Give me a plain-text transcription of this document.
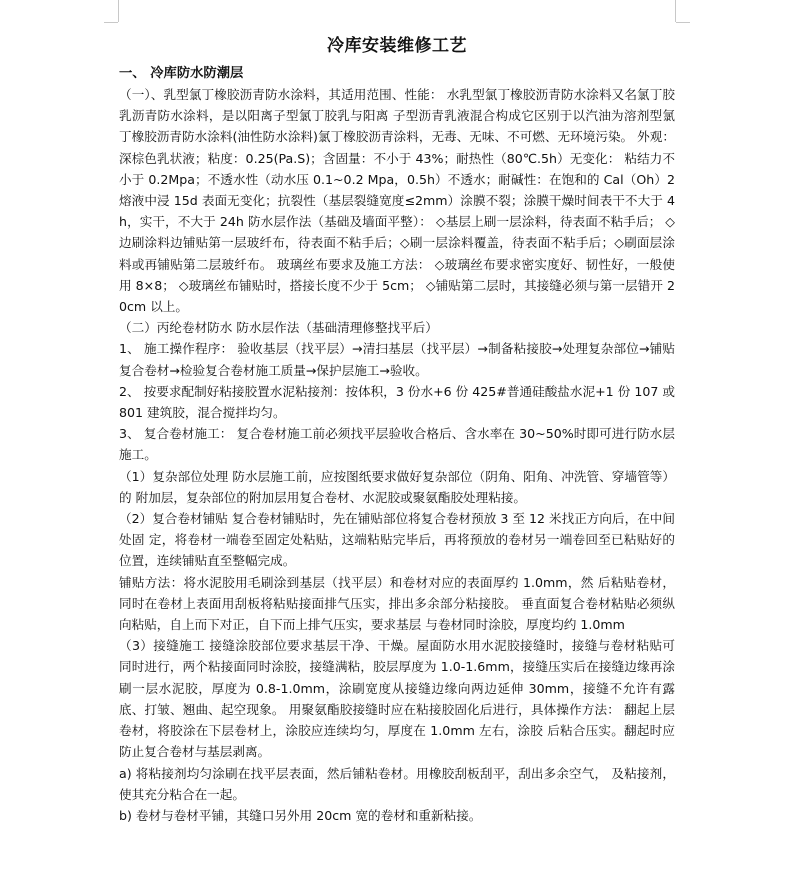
冷库安装维修工艺

一、 冷库防水防潮层

（一）、乳型氯丁橡胶沥青防水涂料，其适用范围、性能： 水乳型氯丁橡胶沥青防水涂料又名氯丁胶乳沥青防水涂料，是以阳离子型氯丁胶乳与阳离 子型沥青乳液混合构成它区别于以汽油为溶剂型氯丁橡胶沥青防水涂料(油性防水涂料)氯丁橡胶沥青涂料，无毒、无味、不可燃、无环境污染。 外观：深棕色乳状液；粘度：0.25(Pa.S)；含固量：不小于 43%；耐热性（80℃.5h）无变化： 粘结力不小于 0.2Mpa；不透水性（动水压 0.1~0.2 Mpa，0.5h）不透水；耐碱性：在饱和的 Cal（Oh）2 熔液中浸 15d 表面无变化；抗裂性（基层裂缝宽度≤2mm）涂膜不裂；涂膜干燥时间表干不大于 4h，实干，不大于 24h 防水层作法（基础及墙面平整）： ◇基层上刷一层涂料，待表面不粘手后； ◇边刷涂料边铺贴第一层玻纤布，待表面不粘手后；◇刷一层涂料覆盖，待表面不粘手后；◇刷面层涂料或再铺贴第二层玻纤布。 玻璃丝布要求及施工方法： ◇玻璃丝布要求密实度好、韧性好，一般使用 8×8； ◇玻璃丝布铺贴时，搭接长度不少于 5cm； ◇铺贴第二层时，其接缝必须与第一层错开 20cm 以上。

（二）丙纶卷材防水 防水层作法（基础清理修整找平后）

1、 施工操作程序： 验收基层（找平层）→清扫基层（找平层）→制备粘接胶→处理复杂部位→铺贴复合卷材→检验复合卷材施工质量→保护层施工→验收。

2、 按要求配制好粘接胶置水泥粘接剂：按体积，3 份水+6 份 425#普通硅酸盐水泥+1 份 107 或 801 建筑胶，混合搅拌均匀。

3、 复合卷材施工： 复合卷材施工前必须找平层验收合格后、含水率在 30~50%时即可进行防水层施工。

（1）复杂部位处理 防水层施工前，应按图纸要求做好复杂部位（阴角、阳角、冲洗管、穿墙管等）的 附加层，复杂部位的附加层用复合卷材、水泥胶或聚氨酯胶处理粘接。

（2）复合卷材铺贴 复合卷材铺贴时，先在铺贴部位将复合卷材预放 3 至 12 米找正方向后，在中间处固 定，将卷材一端卷至固定处粘贴，这端粘贴完毕后，再将预放的卷材另一端卷回至已粘贴好的位置，连续铺贴直至整幅完成。

铺贴方法：将水泥胶用毛刷涂到基层（找平层）和卷材对应的表面厚约 1.0mm，然 后粘贴卷材，同时在卷材上表面用刮板将粘贴接面排气压实，排出多余部分粘接胶。 垂直面复合卷材粘贴必须纵向粘贴，自上而下对正，自下而上排气压实，要求基层 与卷材同时涂胶，厚度均约 1.0mm

（3）接缝施工 接缝涂胶部位要求基层干净、干燥。屋面防水用水泥胶接缝时，接缝与卷材粘贴可 同时进行，两个粘接面同时涂胶，接缝满粘，胶层厚度为 1.0-1.6mm，接缝压实后在接缝边缘再涂刷一层水泥胶，厚度为 0.8-1.0mm，涂刷宽度从接缝边缘向两边延伸 30mm，接缝不允许有露底、打皱、翘曲、起空现象。 用聚氨酯胶接缝时应在粘接胶固化后进行，具体操作方法： 翻起上层卷材，将胶涂在下层卷材上，涂胶应连续均匀，厚度在 1.0mm 左右，涂胶 后粘合压实。翻起时应防止复合卷材与基层剥离。

a) 将粘接剂均匀涂刷在找平层表面，然后铺粘卷材。用橡胶刮板刮平，刮出多余空气， 及粘接剂，使其充分粘合在一起。

b) 卷材与卷材平铺，其缝口另外用 20cm 宽的卷材和重新粘接。
